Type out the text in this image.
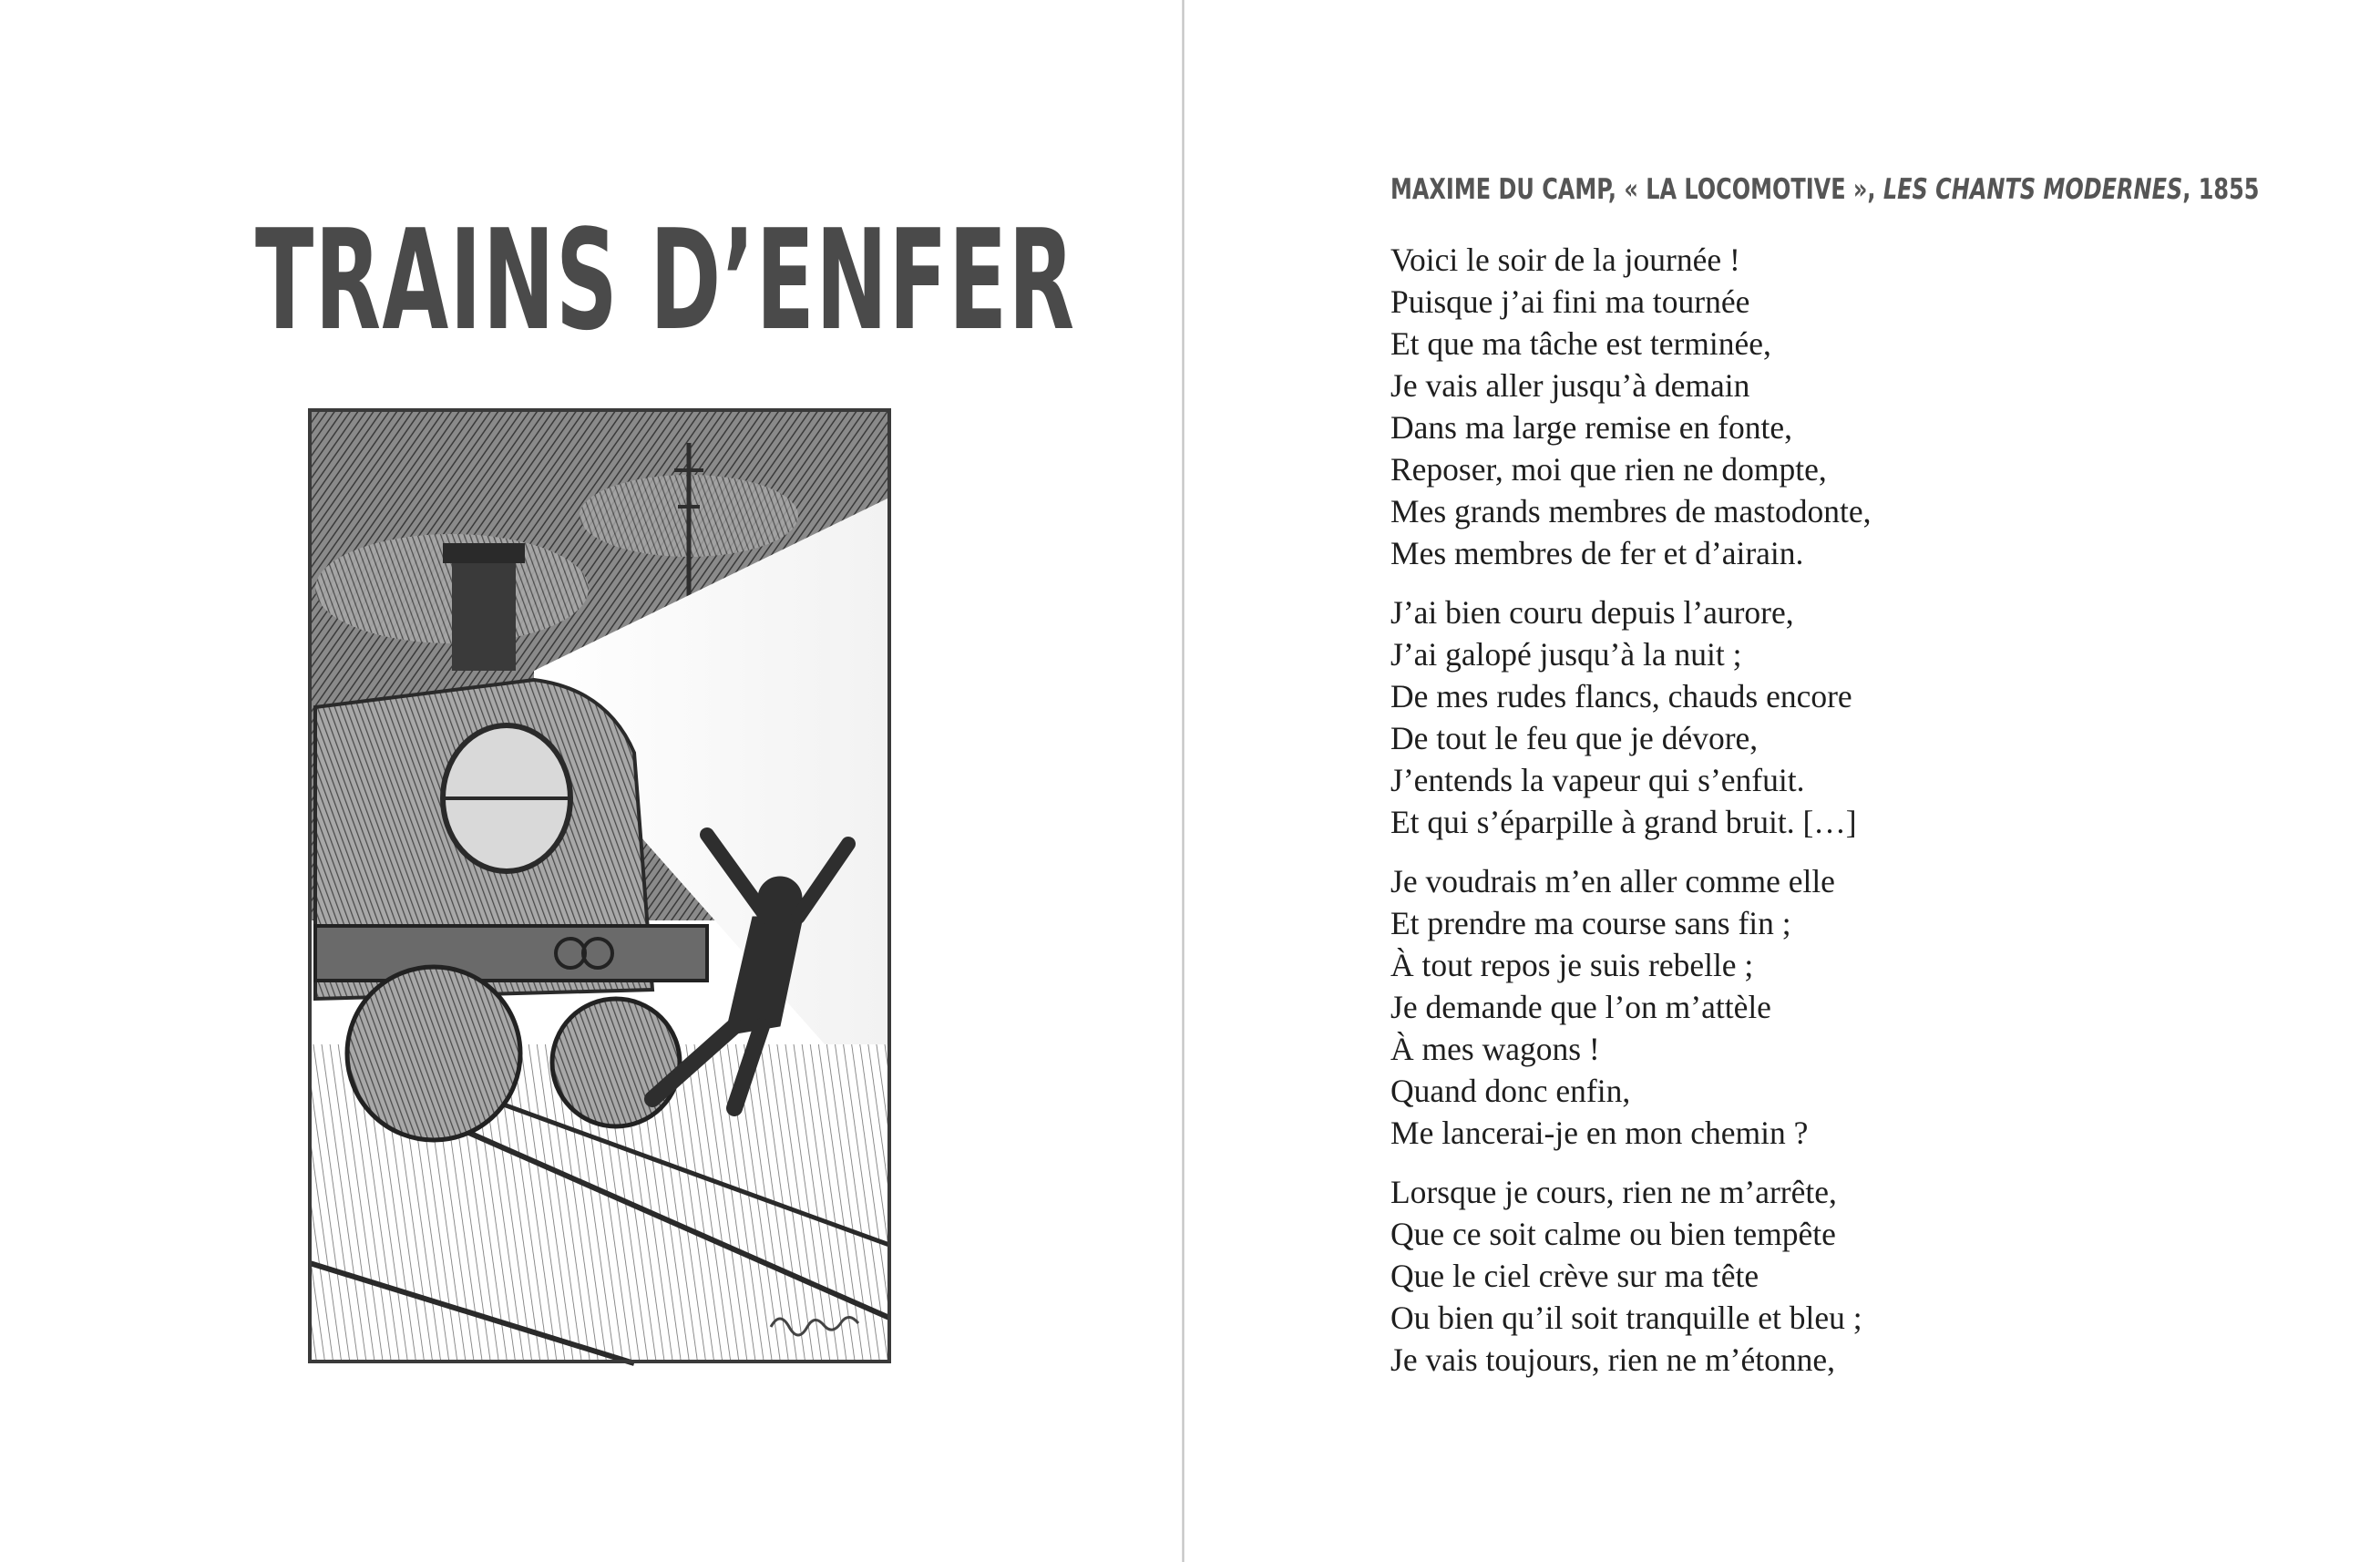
TRAINS D’ENFER
MAXIME DU CAMP, « LA LOCOMOTIVE », LES CHANTS MODERNES, 1855
Voici le soir de la journée !
Puisque j’ai fini ma tournée
Et que ma tâche est terminée,
Je vais aller jusqu’à demain
Dans ma large remise en fonte,
Reposer, moi que rien ne dompte,
Mes grands membres de mastodonte,
Mes membres de fer et d’airain.
J’ai bien couru depuis l’aurore,
J’ai galopé jusqu’à la nuit ;
De mes rudes flancs, chauds encore
De tout le feu que je dévore,
J’entends la vapeur qui s’enfuit.
Et qui s’éparpille à grand bruit. […]
Je voudrais m’en aller comme elle
Et prendre ma course sans fin ;
À tout repos je suis rebelle ;
Je demande que l’on m’attèle
À mes wagons !
Quand donc enfin,
Me lancerai-je en mon chemin ?
Lorsque je cours, rien ne m’arrête,
Que ce soit calme ou bien tempête
Que le ciel crève sur ma tête
Ou bien qu’il soit tranquille et bleu ;
Je vais toujours, rien ne m’étonne,
